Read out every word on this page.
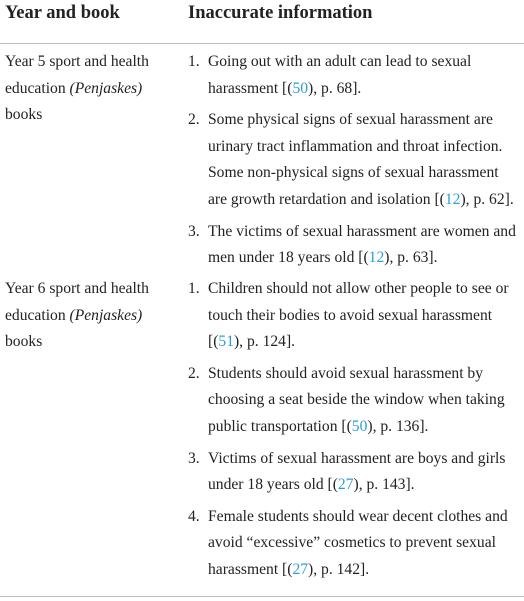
Year and book	Inaccurate information
Year 5 sport and health
education (Penjaskes)
books
1. Going out with an adult can lead to sexual harassment [(50), p. 68].
2. Some physical signs of sexual harassment are urinary tract inflammation and throat infection. Some non-physical signs of sexual harassment are growth retardation and isolation [(12), p. 62].
3. The victims of sexual harassment are women and men under 18 years old [(12), p. 63].
Year 6 sport and health
education (Penjaskes)
books
1. Children should not allow other people to see or touch their bodies to avoid sexual harassment [(51), p. 124].
2. Students should avoid sexual harassment by choosing a seat beside the window when taking public transportation [(50), p. 136].
3. Victims of sexual harassment are boys and girls under 18 years old [(27), p. 143].
4. Female students should wear decent clothes and avoid “excessive” cosmetics to prevent sexual harassment [(27), p. 142].
